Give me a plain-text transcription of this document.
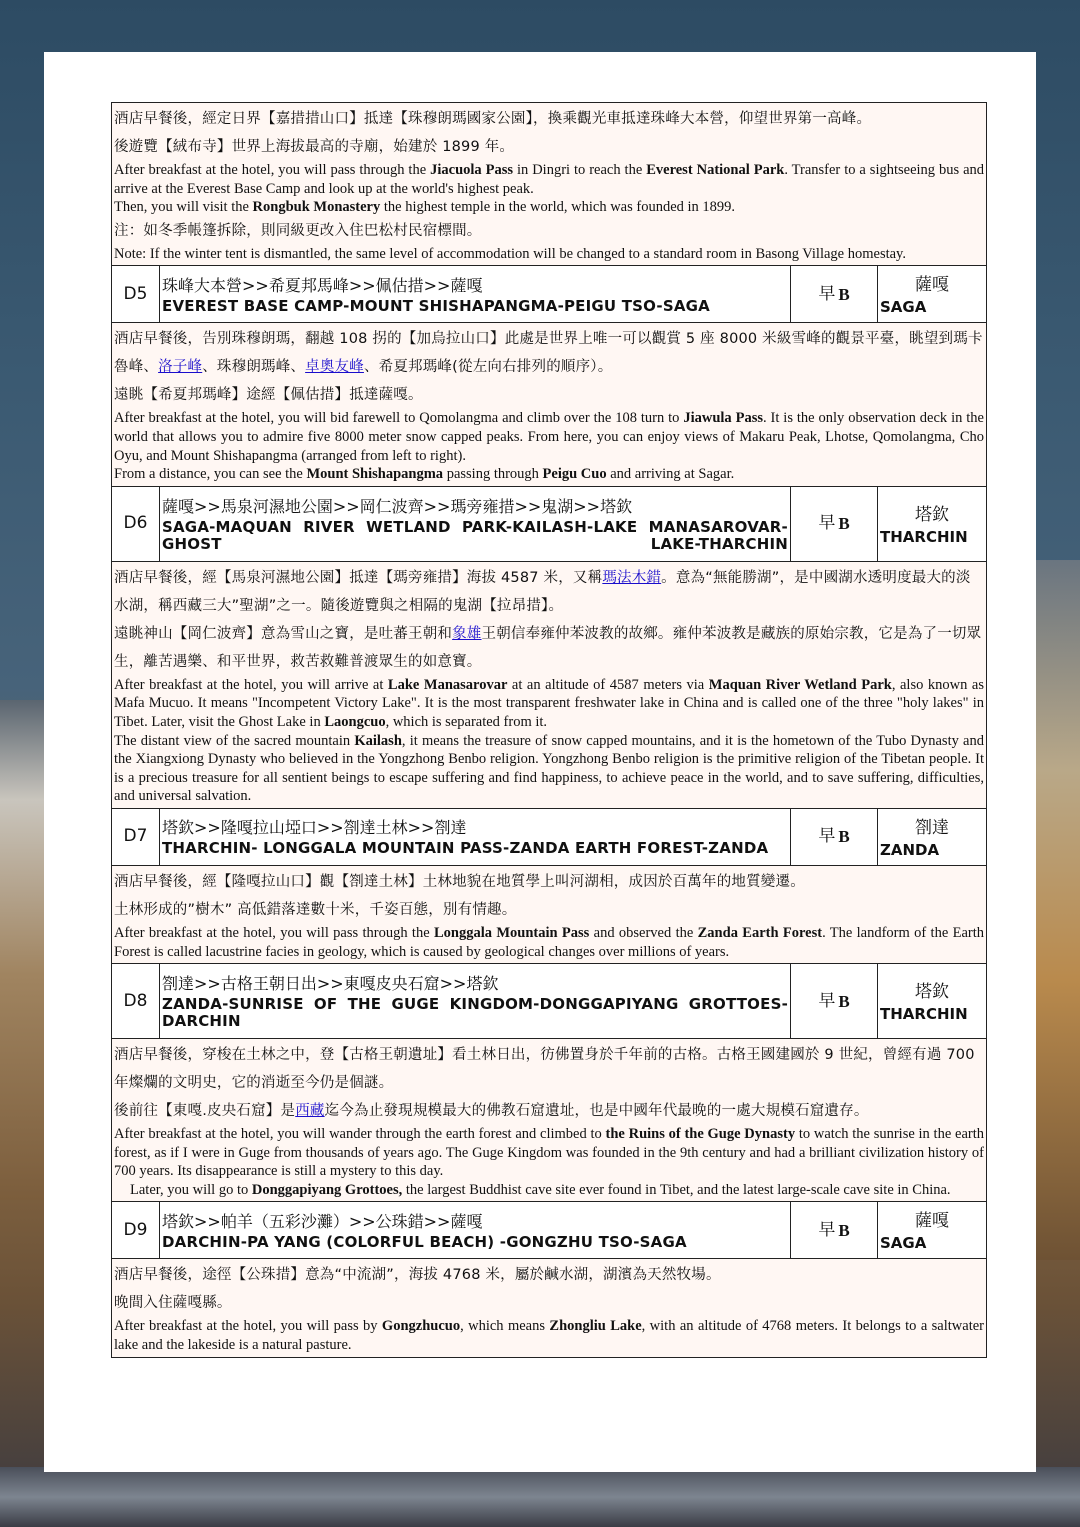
酒店早餐後，經定日界【嘉措措山口】抵達【珠穆朗瑪國家公園】，換乘觀光車抵達珠峰大本營，仰望世界第一高峰。
後遊覽【絨布寺】世界上海拔最高的寺廟，始建於 1899 年。
After breakfast at the hotel, you will pass through the Jiacuola Pass in Dingri to reach the Everest National Park. Transfer to a sightseeing bus and arrive at the Everest Base Camp and look up at the world's highest peak.
Then, you will visit the Rongbuk Monastery the highest temple in the world, which was founded in 1899.
注：如冬季帳篷拆除，則同級更改入住巴松村民宿標間。
Note: If the winter tent is dismantled, the same level of accommodation will be changed to a standard room in Basong Village homestay.
D5 珠峰大本營>>希夏邦馬峰>>佩估措>>薩嘎
EVEREST BASE CAMP-MOUNT SHISHAPANGMA-PEIGU TSO-SAGA
早 B	薩嘎
SAGA
酒店早餐後，告別珠穆朗瑪，翻越 108 拐的【加烏拉山口】此處是世界上唯一可以觀賞 5 座 8000 米級雪峰的觀景平臺，眺望到瑪卡魯峰、洛子峰、珠穆朗瑪峰、卓奧友峰、希夏邦瑪峰(從左向右排列的順序）。
遠眺【希夏邦瑪峰】途經【佩估措】抵達薩嘎。
After breakfast at the hotel, you will bid farewell to Qomolangma and climb over the 108 turn to Jiawula Pass. It is the only observation deck in the world that allows you to admire five 8000 meter snow capped peaks. From here, you can enjoy views of Makaru Peak, Lhotse, Qomolangma, Cho Oyu, and Mount Shishapangma (arranged from left to right).
From a distance, you can see the Mount Shishapangma passing through Peigu Cuo and arriving at Sagar.
D6
薩嘎>>馬泉河濕地公園>>岡仁波齊>>瑪旁雍措>>鬼湖>>塔欽
SAGA-MAQUAN RIVER WETLAND PARK-KAILASH-LAKE MANASAROVAR-GHOST LAKE-THARCHIN
早 B	塔欽
THARCHIN
酒店早餐後，經【馬泉河濕地公園】抵達【瑪旁雍措】海拔 4587 米，又稱瑪法木錯。意為“無能勝湖”，是中國湖水透明度最大的淡水湖，稱西藏三大”聖湖”之一。隨後遊覽與之相隔的鬼湖【拉昂措】。
遠眺神山【岡仁波齊】意為雪山之寶，是吐蕃王朝和象雄王朝信奉雍仲苯波教的故鄉。雍仲苯波教是藏族的原始宗教，它是為了一切眾生，離苦遇樂、和平世界，救苦救難普渡眾生的如意寶。
After breakfast at the hotel, you will arrive at Lake Manasarovar at an altitude of 4587 meters via Maquan River Wetland Park, also known as Mafa Mucuo. It means "Incompetent Victory Lake". It is the most transparent freshwater lake in China and is called one of the three "holy lakes" in Tibet. Later, visit the Ghost Lake in Laongcuo, which is separated from it.
The distant view of the sacred mountain Kailash, it means the treasure of snow capped mountains, and it is the hometown of the Tubo Dynasty and the Xiangxiong Dynasty who believed in the Yongzhong Benbo religion. Yongzhong Benbo religion is the primitive religion of the Tibetan people. It is a precious treasure for all sentient beings to escape suffering and find happiness, to achieve peace in the world, and to save suffering, difficulties, and universal salvation.
D7 塔欽>>隆嘎拉山埡口>>劄達土林>>劄達
THARCHIN- LONGGALA MOUNTAIN PASS-ZANDA EARTH FOREST-ZANDA
早 B	劄達
ZANDA
酒店早餐後，經【隆嘎拉山口】觀【劄達土林】土林地貌在地質學上叫河湖相，成因於百萬年的地質變遷。
土林形成的”樹木” 高低錯落達數十米，千姿百態，別有情趣。
After breakfast at the hotel, you will pass through the Longgala Mountain Pass and observed the Zanda Earth Forest. The landform of the Earth Forest is called lacustrine facies in geology, which is caused by geological changes over millions of years.
D8
劄達>>古格王朝日出>>東嘎皮央石窟>>塔欽
ZANDA-SUNRISE OF THE GUGE KINGDOM-DONGGAPIYANG GROTTOES-DARCHIN
早 B	塔欽
THARCHIN
酒店早餐後，穿梭在土林之中，登【古格王朝遺址】看土林日出，彷佛置身於千年前的古格。古格王國建國於 9 世紀，曾經有過 700 年燦爛的文明史，它的消逝至今仍是個謎。
後前往【東嘎.皮央石窟】是西藏迄今為止發現規模最大的佛教石窟遺址，也是中國年代最晚的一處大規模石窟遺存。
After breakfast at the hotel, you will wander through the earth forest and climbed to the Ruins of the Guge Dynasty to watch the sunrise in the earth forest, as if I were in Guge from thousands of years ago. The Guge Kingdom was founded in the 9th century and had a brilliant civilization history of 700 years. Its disappearance is still a mystery to this day.
Later, you will go to Donggapiyang Grottoes, the largest Buddhist cave site ever found in Tibet, and the latest large-scale cave site in China.
D9 塔欽>>帕羊（五彩沙灘）>>公珠錯>>薩嘎
DARCHIN-PA YANG (COLORFUL BEACH) -GONGZHU TSO-SAGA
早 B	薩嘎
SAGA
酒店早餐後，途徑【公珠措】意為“中流湖”，海拔 4768 米，屬於鹹水湖，湖濱為天然牧場。
晚間入住薩嘎縣。
After breakfast at the hotel, you will pass by Gongzhucuo, which means Zhongliu Lake, with an altitude of 4768 meters. It belongs to a saltwater lake and the lakeside is a natural pasture.
